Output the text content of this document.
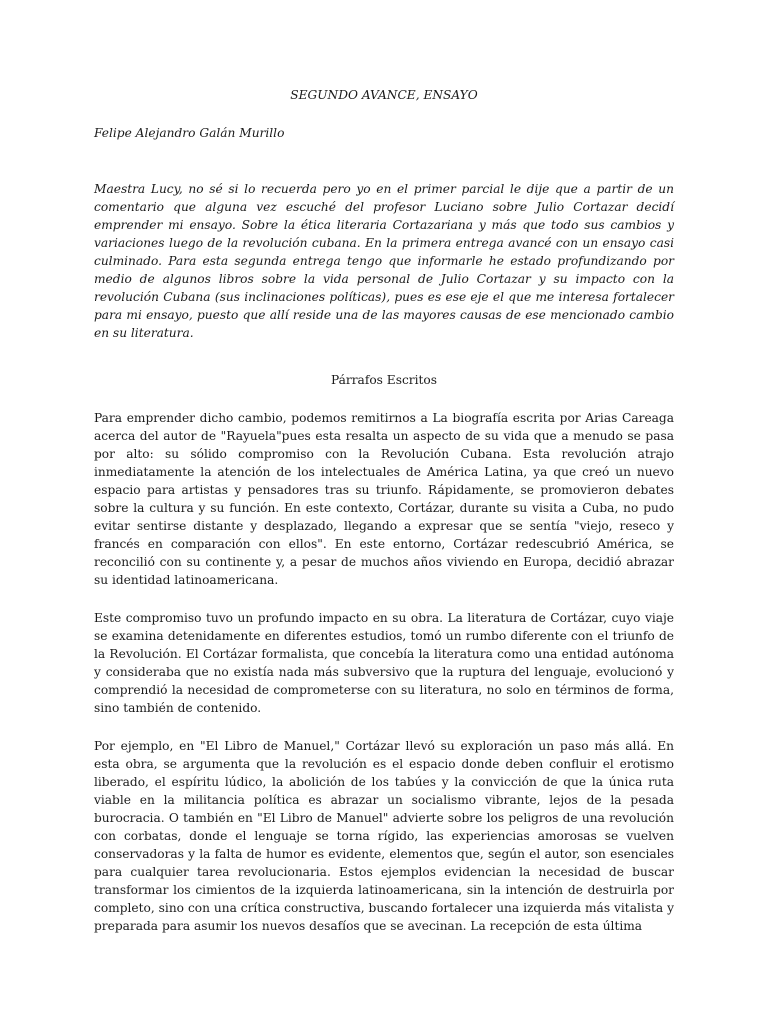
SEGUNDO AVANCE, ENSAYO

Felipe Alejandro Galán Murillo

Maestra Lucy, no sé si lo recuerda pero yo en el primer parcial le dije que a partir de un comentario que alguna vez escuché del profesor Luciano sobre Julio Cortazar decidí emprender mi ensayo. Sobre la ética literaria Cortazariana y más que todo sus cambios y variaciones luego de la revolución cubana. En la primera entrega avancé con un ensayo casi culminado. Para esta segunda entrega tengo que informarle he estado profundizando por medio de algunos libros sobre la vida personal de Julio Cortazar y su impacto con la revolución Cubana (sus inclinaciones políticas), pues es ese eje el que me interesa fortalecer para mi ensayo, puesto que allí reside una de las mayores causas de ese mencionado cambio en su literatura.

Párrafos Escritos

Para emprender dicho cambio, podemos remitirnos a La biografía escrita por Arias Careaga acerca del autor de "Rayuela"pues esta resalta un aspecto de su vida que a menudo se pasa por alto: su sólido compromiso con la Revolución Cubana. Esta revolución atrajo inmediatamente la atención de los intelectuales de América Latina, ya que creó un nuevo espacio para artistas y pensadores tras su triunfo. Rápidamente, se promovieron debates sobre la cultura y su función. En este contexto, Cortázar, durante su visita a Cuba, no pudo evitar sentirse distante y desplazado, llegando a expresar que se sentía "viejo, reseco y francés en comparación con ellos". En este entorno, Cortázar redescubrió América, se reconcilió con su continente y, a pesar de muchos años viviendo en Europa, decidió abrazar su identidad latinoamericana.

Este compromiso tuvo un profundo impacto en su obra. La literatura de Cortázar, cuyo viaje se examina detenidamente en diferentes estudios, tomó un rumbo diferente con el triunfo de la Revolución. El Cortázar formalista, que concebía la literatura como una entidad autónoma y consideraba que no existía nada más subversivo que la ruptura del lenguaje, evolucionó y comprendió la necesidad de comprometerse con su literatura, no solo en términos de forma, sino también de contenido.

Por ejemplo, en "El Libro de Manuel," Cortázar llevó su exploración un paso más allá. En esta obra, se argumenta que la revolución es el espacio donde deben confluir el erotismo liberado, el espíritu lúdico, la abolición de los tabúes y la convicción de que la única ruta viable en la militancia política es abrazar un socialismo vibrante, lejos de la pesada burocracia. O también en "El Libro de Manuel" advierte sobre los peligros de una revolución con corbatas, donde el lenguaje se torna rígido, las experiencias amorosas se vuelven conservadoras y la falta de humor es evidente, elementos que, según el autor, son esenciales para cualquier tarea revolucionaria. Estos ejemplos evidencian la necesidad de buscar transformar los cimientos de la izquierda latinoamericana, sin la intención de destruirla por completo, sino con una crítica constructiva, buscando fortalecer una izquierda más vitalista y preparada para asumir los nuevos desafíos que se avecinan. La recepción de esta última
